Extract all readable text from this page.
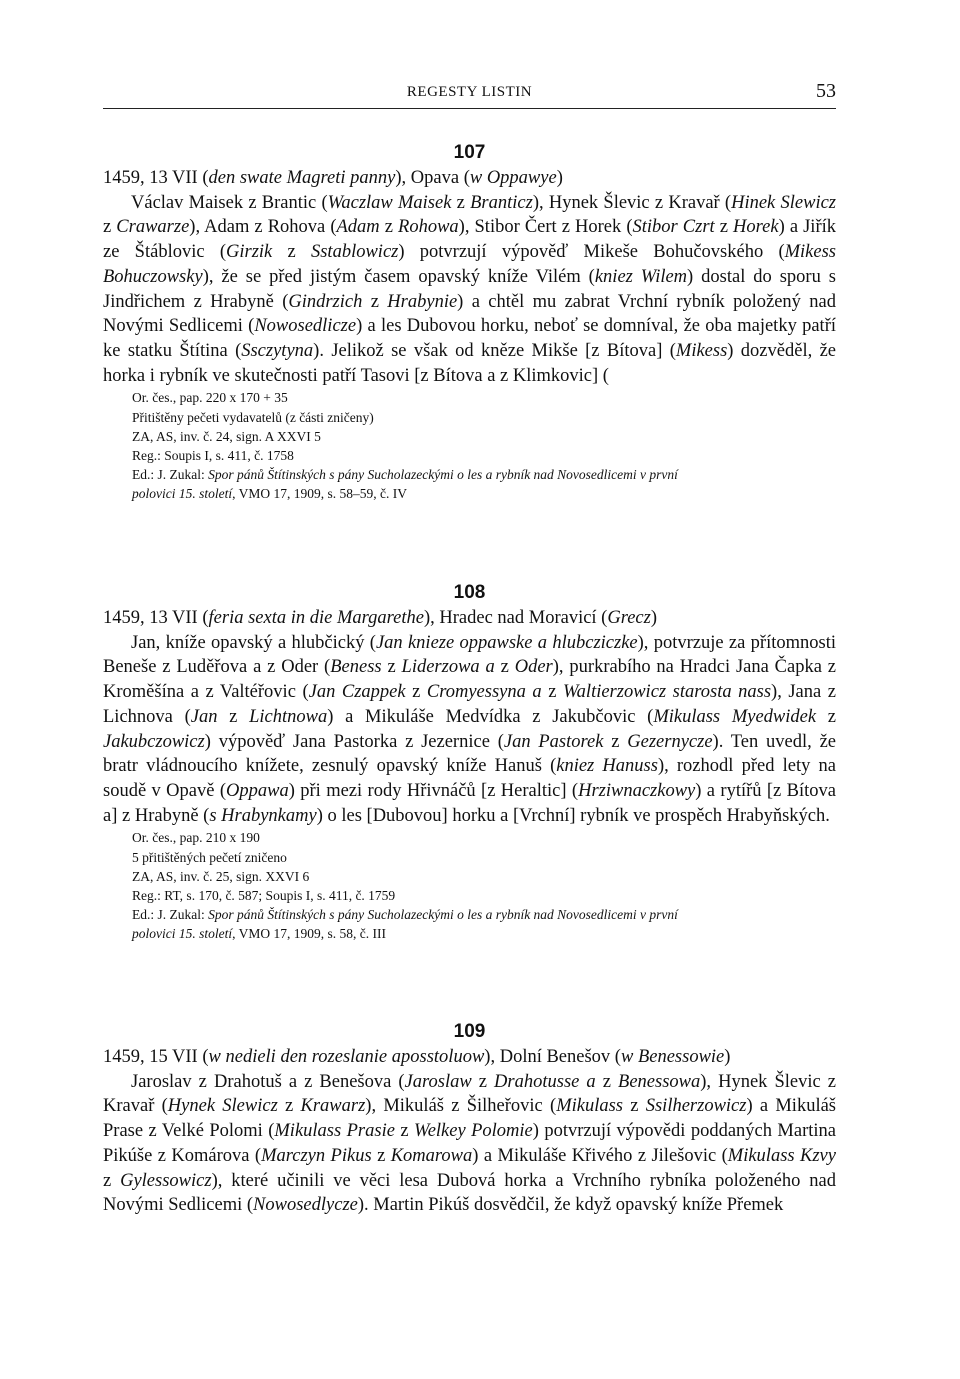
REGESTY LISTIN	53
107
1459, 13 VII (den swate Magreti panny), Opava (w Oppawye)

Václav Maisek z Brantic (Waczlaw Maisek z Branticz), Hynek Šlevic z Kravař (Hinek Slewicz z Crawarze), Adam z Rohova (Adam z Rohowa), Stibor Čert z Horek (Stibor Czrt z Horek) a Jiřík ze Štáblovic (Girzik z Sstablowicz) potvrzují výpověď Mikeše Bohučovského (Mikess Bohuczowsky), že se před jistým časem opavský kníže Vilém (kniez Wilem) dostal do sporu s Jindřichem z Hrabyně (Gindrzich z Hrabynie) a chtěl mu zabrat Vrchní rybník položený nad Novými Sedlicemi (Nowosedlicze) a les Dubovou horku, neboť se domníval, že oba majetky patří ke statku Štítina (Ssczytyna). Jelikož se však od kněze Mikše [z Bítova] (Mikess) dozvěděl, že horka i rybník ve skutečnosti patří Tasovi [z Bítova a z Klimkovic] (

Or. čes., pap. 220 x 170 + 35
Přitištěny pečeti vydavatelů (z části zničeny)
ZA, AS, inv. č. 24, sign. A XXVI 5
Reg.: Soupis I, s. 411, č. 1758
Ed.: J. Zukal: Spor pánů Štítinských s pány Sucholazeckými o les a rybník nad Novosedlicemi v první
polovici 15. století, VMO 17, 1909, s. 58–59, č. IV
108
1459, 13 VII (feria sexta in die Margarethe), Hradec nad Moravicí (Grecz)

Jan, kníže opavský a hlubčický (Jan knieze oppawske a hlubcziczke), potvrzuje za přítomnosti Beneše z Luděřova a z Oder (Beness z Liderzowa a z Oder), purkrabího na Hradci Jana Čapka z Kroměšína a z Valtéřovic (Jan Czappek z Cromyessyna a z Waltierzowicz starosta nass), Jana z Lichnova (Jan z Lichtnowa) a Mikuláše Medvídka z Jakubčovic (Mikulass Myedwidek z Jakubczowicz) výpověď Jana Pastorka z Jezernice (Jan Pastorek z Gezernycze). Ten uvedl, že bratr vládnoucího knížete, zesnulý opavský kníže Hanuš (kniez Hanuss), rozhodl před lety na soudě v Opavě (Oppawa) při mezi rody Hřivnáčů [z Heraltic] (Hrziwnaczkowy) a rytířů [z Bítova a] z Hrabyně (s Hrabynkamy) o les [Dubovou] horku a [Vrchní] rybník ve prospěch Hrabyňských.

Or. čes., pap. 210 x 190
5 přitištěných pečetí zničeno
ZA, AS, inv. č. 25, sign. XXVI 6
Reg.: RT, s. 170, č. 587; Soupis I, s. 411, č. 1759
Ed.: J. Zukal: Spor pánů Štítinských s pány Sucholazeckými o les a rybník nad Novosedlicemi v první
polovici 15. století, VMO 17, 1909, s. 58, č. III
109
1459, 15 VII (w nedieli den rozeslanie aposstoluow), Dolní Benešov (w Benessowie)

Jaroslav z Drahotuš a z Benešova (Jaroslaw z Drahotusse a z Benessowa), Hynek Šlevic z Kravař (Hynek Slewicz z Krawarz), Mikuláš z Šilheřovic (Mikulass z Ssilherzowicz) a Mikuláš Prase z Velké Polomi (Mikulass Prasie z Welkey Polomie) potvrzují výpovědi poddaných Martina Pikúše z Komárova (Marczyn Pikus z Komarowa) a Mikuláše Křivého z Jilešovic (Mikulass Kzvy z Gylessowicz), které učinili ve věci lesa Dubová horka a Vrchního rybníka položeného nad Novými Sedlicemi (Nowosedlycze). Martin Pikúš dosvědčil, že když opavský kníže Přemek
